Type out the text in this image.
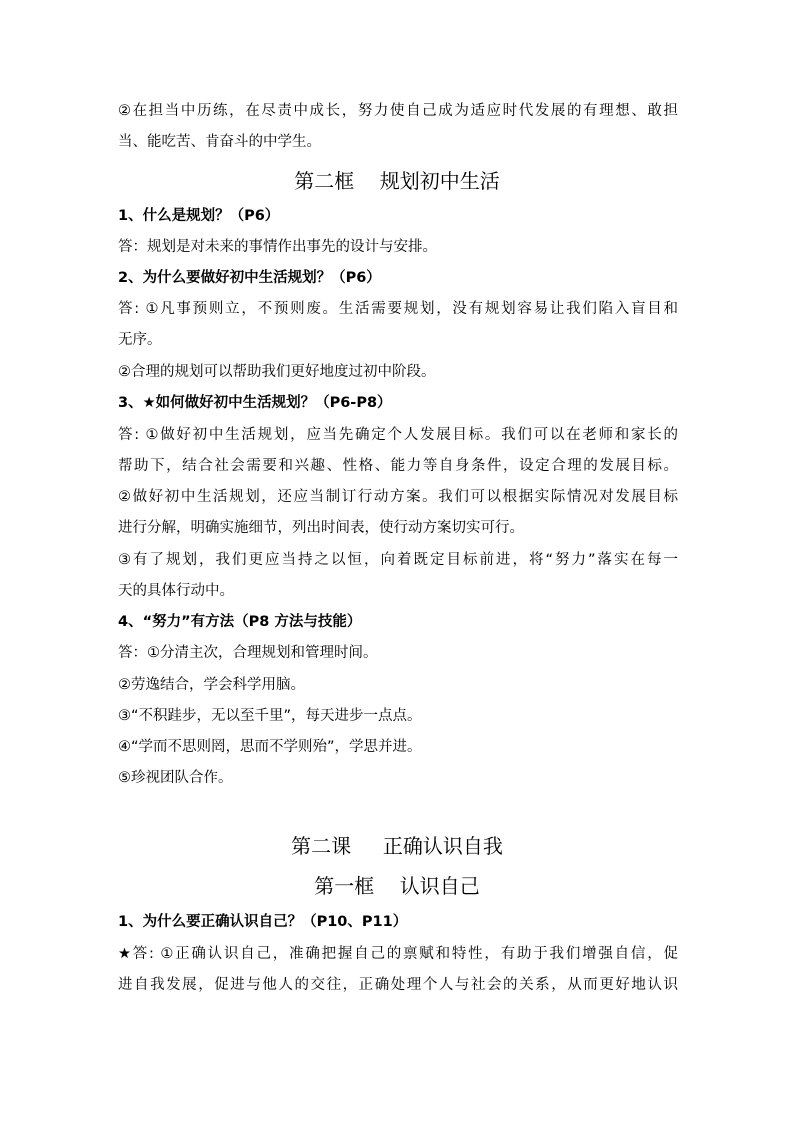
②在担当中历练，在尽责中成长，努力使自己成为适应时代发展的有理想、敢担
当、能吃苦、肯奋斗的中学生。
第二框    规划初中生活
1、什么是规划？（P6）
答：规划是对未来的事情作出事先的设计与安排。
2、为什么要做好初中生活规划？（P6）
答: ①凡事预则立，不预则废。生活需要规划，没有规划容易让我们陷入盲目和
无序。
②合理的规划可以帮助我们更好地度过初中阶段。
3、★如何做好初中生活规划？（P6-P8）
答: ①做好初中生活规划，应当先确定个人发展目标。我们可以在老师和家长的
帮助下，结合社会需要和兴趣、性格、能力等自身条件，设定合理的发展目标。
②做好初中生活规划，还应当制订行动方案。我们可以根据实际情况对发展目标
进行分解，明确实施细节，列出时间表，使行动方案切实可行。
③有了规划，我们更应当持之以恒，向着既定目标前进，将“努力”落实在每一
天的具体行动中。
4、“努力”有方法（P8 方法与技能）
答：①分清主次，合理规划和管理时间。
②劳逸结合，学会科学用脑。
③“不积跬步，无以至千里”，每天进步一点点。
④“学而不思则罔，思而不学则殆”，学思并进。
⑤珍视团队合作。
第二课     正确认识自我
第一框    认识自己
1、为什么要正确认识自己？（P10、P11）
★答: ①正确认识自己，准确把握自己的禀赋和特性，有助于我们增强自信，促
进自我发展，促进与他人的交往，正确处理个人与社会的关系，从而更好地认识
